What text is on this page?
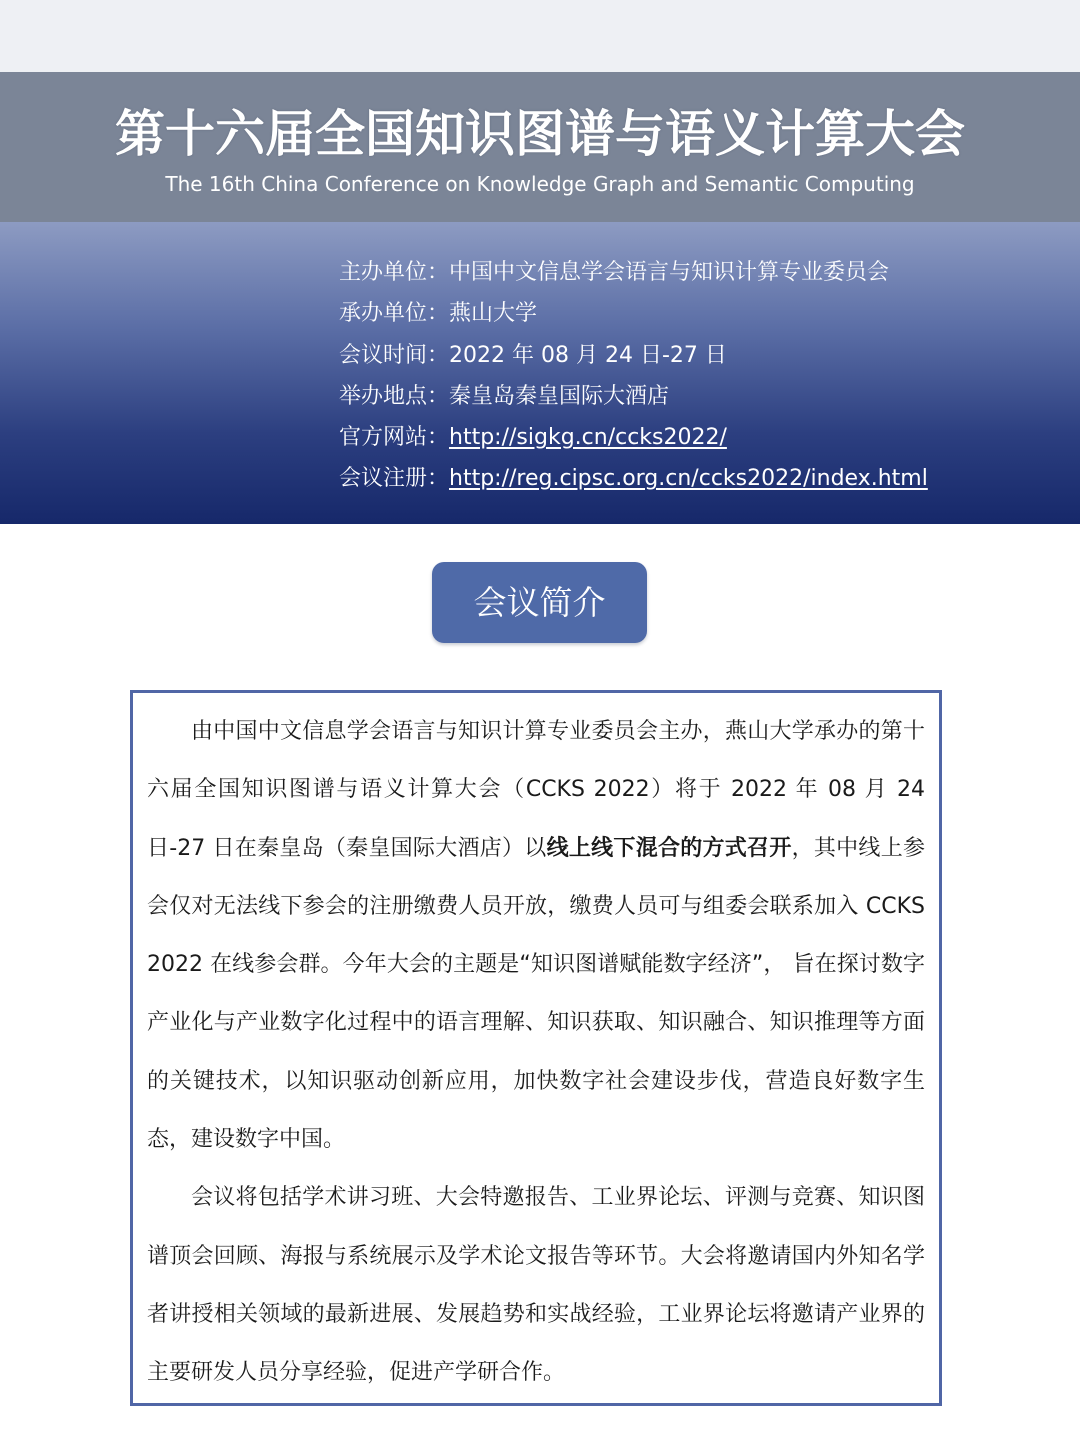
第十六届全国知识图谱与语义计算大会
The 16th China Conference on Knowledge Graph and Semantic Computing
主办单位：中国中文信息学会语言与知识计算专业委员会
承办单位：燕山大学
会议时间：2022 年 08 月 24 日-27 日
举办地点：秦皇岛秦皇国际大酒店
官方网站：http://sigkg.cn/ccks2022/
会议注册：http://reg.cipsc.org.cn/ccks2022/index.html
会议简介

由中国中文信息学会语言与知识计算专业委员会主办，燕山大学承办的第十六届全国知识图谱与语义计算大会（CCKS 2022）将于 2022 年 08 月 24 日-27 日在秦皇岛（秦皇国际大酒店）以线上线下混合的方式召开，其中线上参会仅对无法线下参会的注册缴费人员开放，缴费人员可与组委会联系加入 CCKS 2022 在线参会群。今年大会的主题是“知识图谱赋能数字经济”， 旨在探讨数字产业化与产业数字化过程中的语言理解、知识获取、知识融合、知识推理等方面的关键技术，以知识驱动创新应用，加快数字社会建设步伐，营造良好数字生态，建设数字中国。

会议将包括学术讲习班、大会特邀报告、工业界论坛、评测与竞赛、知识图谱顶会回顾、海报与系统展示及学术论文报告等环节。大会将邀请国内外知名学者讲授相关领域的最新进展、发展趋势和实战经验，工业界论坛将邀请产业界的主要研发人员分享经验，促进产学研合作。
